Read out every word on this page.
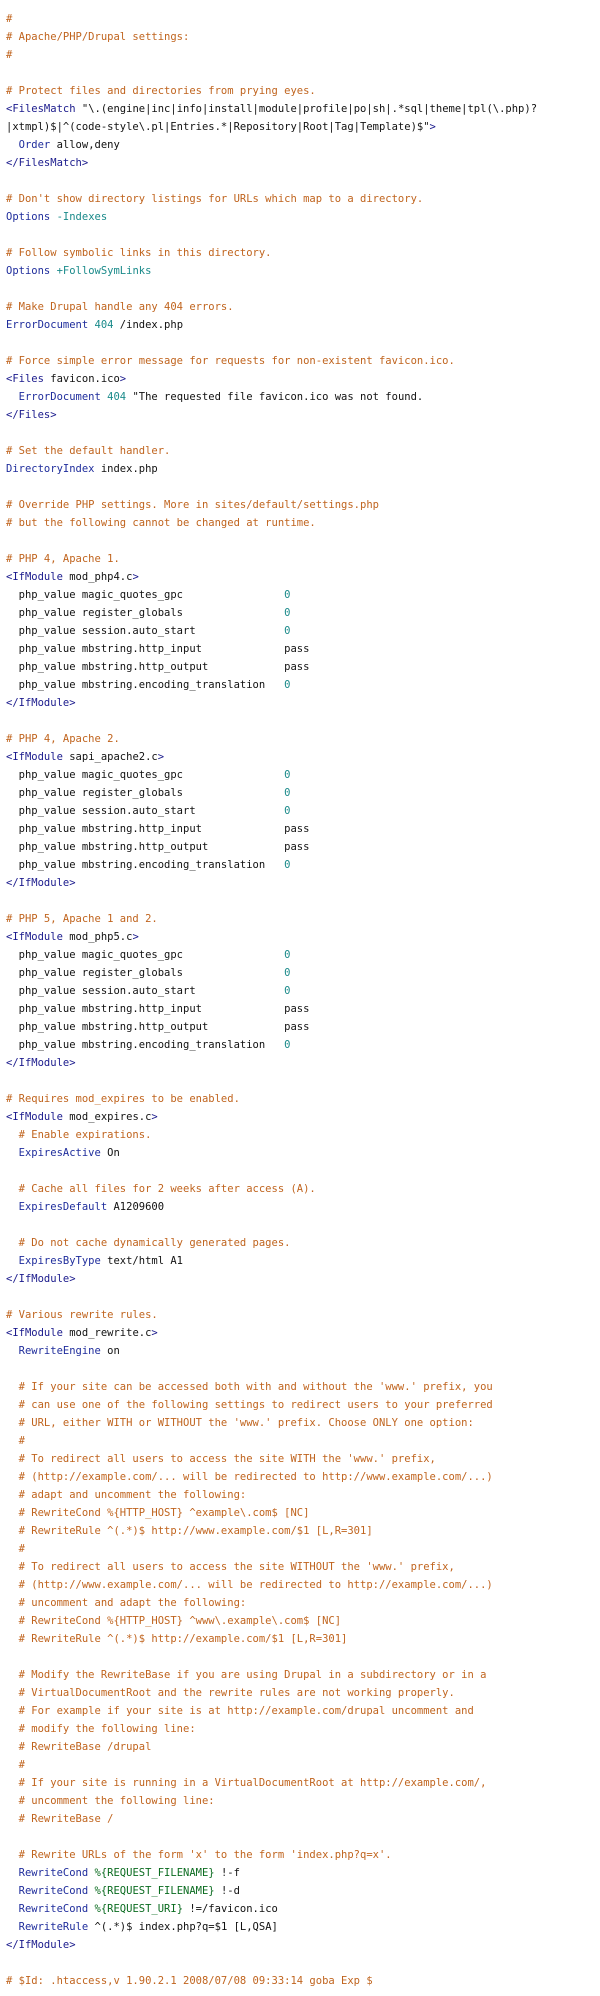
#
# Apache/PHP/Drupal settings:
#

# Protect files and directories from prying eyes.
<FilesMatch "\.(engine|inc|info|install|module|profile|po|sh|.*sql|theme|tpl(\.php)?
|xtmpl)$|^(code-style\.pl|Entries.*|Repository|Root|Tag|Template)$">
Order allow,deny
</FilesMatch>

# Don't show directory listings for URLs which map to a directory.
Options -Indexes

# Follow symbolic links in this directory.
Options +FollowSymLinks

# Make Drupal handle any 404 errors.
ErrorDocument 404 /index.php

# Force simple error message for requests for non-existent favicon.ico.
<Files favicon.ico>
ErrorDocument 404 "The requested file favicon.ico was not found.
</Files>

# Set the default handler.
DirectoryIndex index.php

# Override PHP settings. More in sites/default/settings.php
# but the following cannot be changed at runtime.

# PHP 4, Apache 1.
<IfModule mod_php4.c>
php_value magic_quotes_gpc                0
php_value register_globals                0
php_value session.auto_start              0
php_value mbstring.http_input             pass
php_value mbstring.http_output            pass
php_value mbstring.encoding_translation   0
</IfModule>

# PHP 4, Apache 2.
<IfModule sapi_apache2.c>
php_value magic_quotes_gpc                0
php_value register_globals                0
php_value session.auto_start              0
php_value mbstring.http_input             pass
php_value mbstring.http_output            pass
php_value mbstring.encoding_translation   0
</IfModule>

# PHP 5, Apache 1 and 2.
<IfModule mod_php5.c>
php_value magic_quotes_gpc                0
php_value register_globals                0
php_value session.auto_start              0
php_value mbstring.http_input             pass
php_value mbstring.http_output            pass
php_value mbstring.encoding_translation   0
</IfModule>

# Requires mod_expires to be enabled.
<IfModule mod_expires.c>
# Enable expirations.
ExpiresActive On

# Cache all files for 2 weeks after access (A).
ExpiresDefault A1209600

# Do not cache dynamically generated pages.
ExpiresByType text/html A1
</IfModule>

# Various rewrite rules.
<IfModule mod_rewrite.c>
RewriteEngine on

# If your site can be accessed both with and without the 'www.' prefix, you
# can use one of the following settings to redirect users to your preferred
# URL, either WITH or WITHOUT the 'www.' prefix. Choose ONLY one option:
#
# To redirect all users to access the site WITH the 'www.' prefix,
# (http://example.com/... will be redirected to http://www.example.com/...)
# adapt and uncomment the following:
# RewriteCond %{HTTP_HOST} ^example\.com$ [NC]
# RewriteRule ^(.*)$ http://www.example.com/$1 [L,R=301]
#
# To redirect all users to access the site WITHOUT the 'www.' prefix,
# (http://www.example.com/... will be redirected to http://example.com/...)
# uncomment and adapt the following:
# RewriteCond %{HTTP_HOST} ^www\.example\.com$ [NC]
# RewriteRule ^(.*)$ http://example.com/$1 [L,R=301]

# Modify the RewriteBase if you are using Drupal in a subdirectory or in a
# VirtualDocumentRoot and the rewrite rules are not working properly.
# For example if your site is at http://example.com/drupal uncomment and
# modify the following line:
# RewriteBase /drupal
#
# If your site is running in a VirtualDocumentRoot at http://example.com/,
# uncomment the following line:
# RewriteBase /

# Rewrite URLs of the form 'x' to the form 'index.php?q=x'.
RewriteCond %{REQUEST_FILENAME} !-f
RewriteCond %{REQUEST_FILENAME} !-d
RewriteCond %{REQUEST_URI} !=/favicon.ico
RewriteRule ^(.*)$ index.php?q=$1 [L,QSA]
</IfModule>

# $Id: .htaccess,v 1.90.2.1 2008/07/08 09:33:14 goba Exp $
